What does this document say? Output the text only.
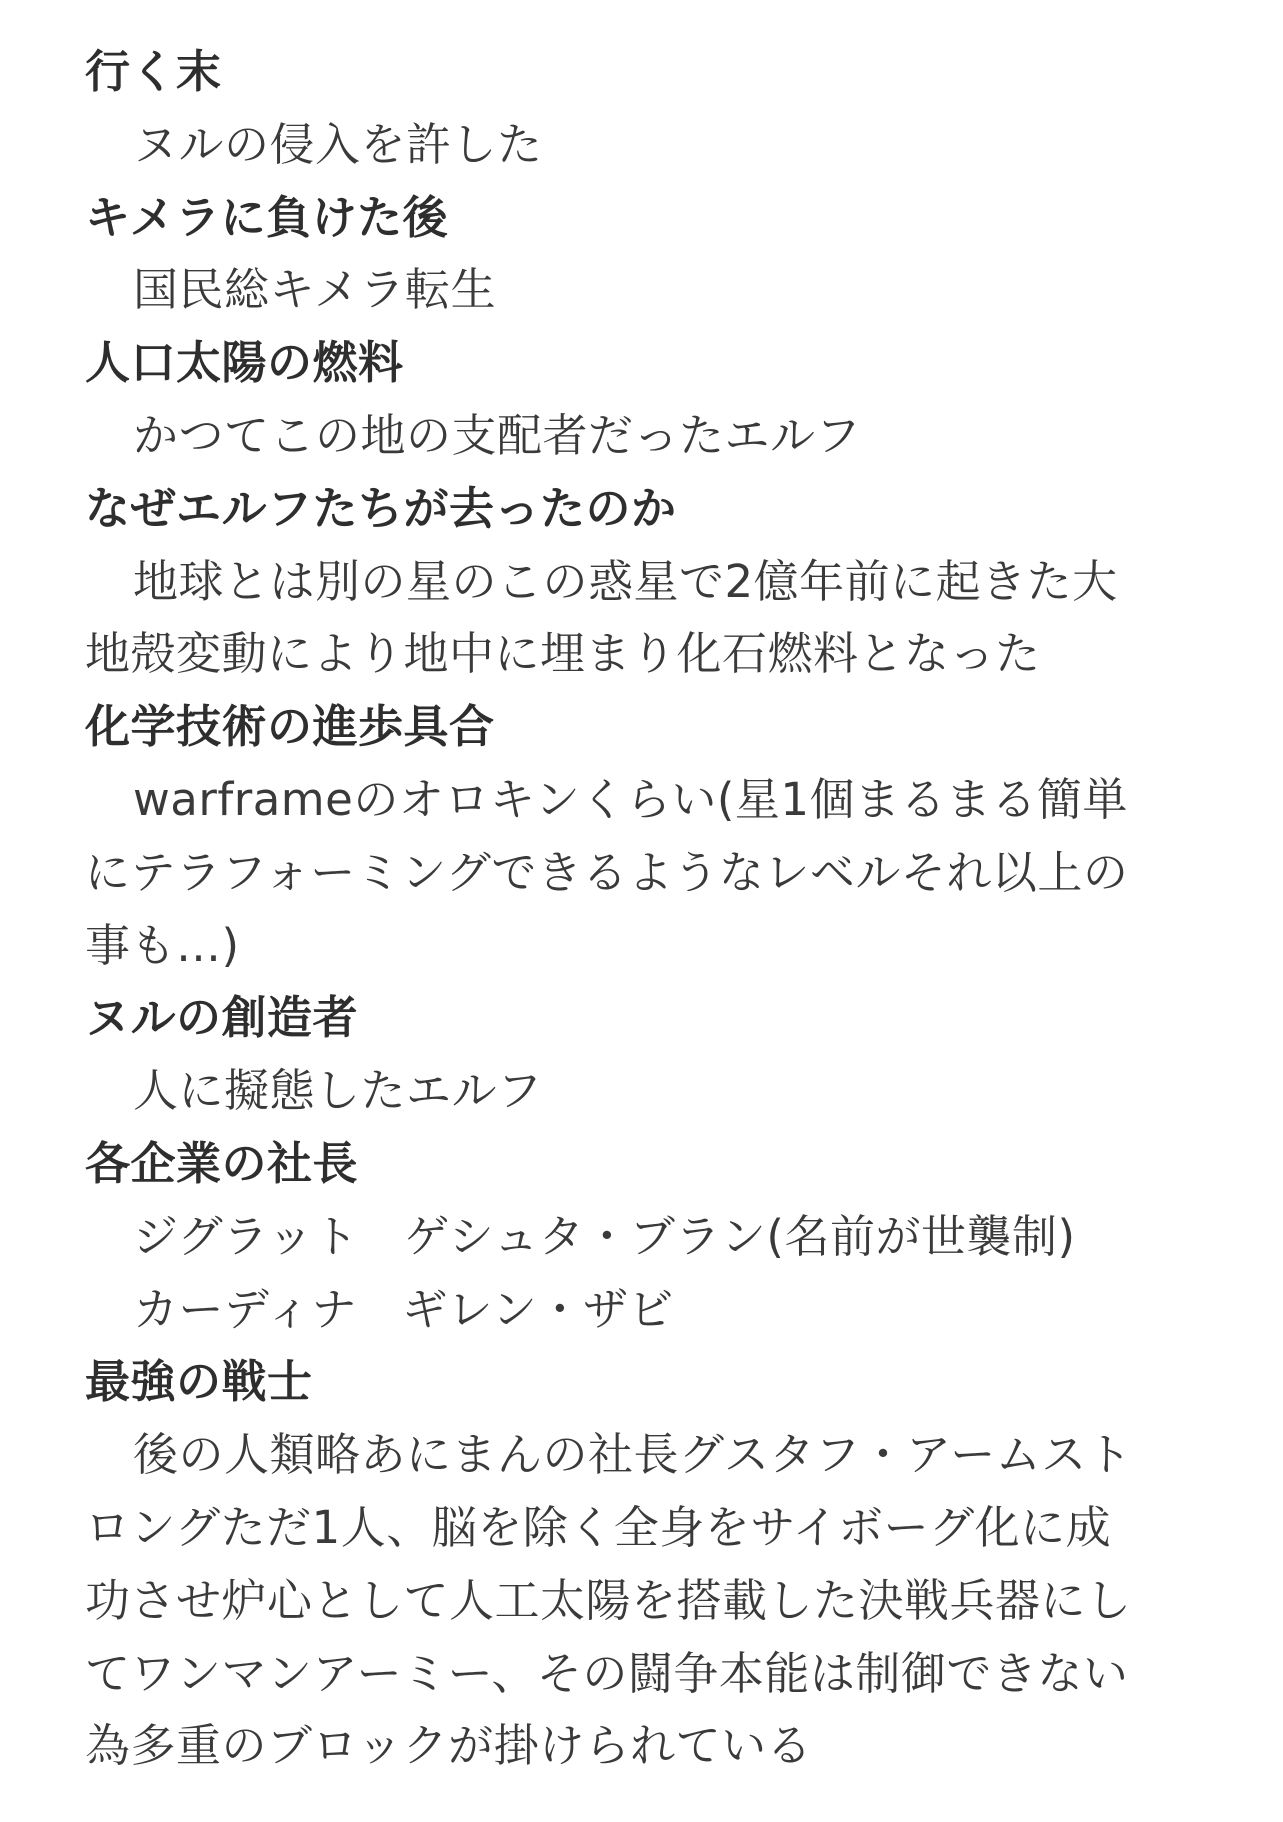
行く末
ヌルの侵入を許した
キメラに負けた後
国民総キメラ転生
人口太陽の燃料
かつてこの地の支配者だったエルフ
なぜエルフたちが去ったのか
地球とは別の星のこの惑星で2億年前に起きた大
地殻変動により地中に埋まり化石燃料となった
化学技術の進歩具合
warframeのオロキンくらい(星1個まるまる簡単
にテラフォーミングできるようなレベルそれ以上の
事も…)
ヌルの創造者
人に擬態したエルフ
各企業の社長
ジグラット　ゲシュタ・ブラン(名前が世襲制)
カーディナ　ギレン・ザビ
最強の戦士
後の人類略あにまんの社長グスタフ・アームスト
ロングただ1人、脳を除く全身をサイボーグ化に成
功させ炉心として人工太陽を搭載した決戦兵器にし
てワンマンアーミー、その闘争本能は制御できない
為多重のブロックが掛けられている
